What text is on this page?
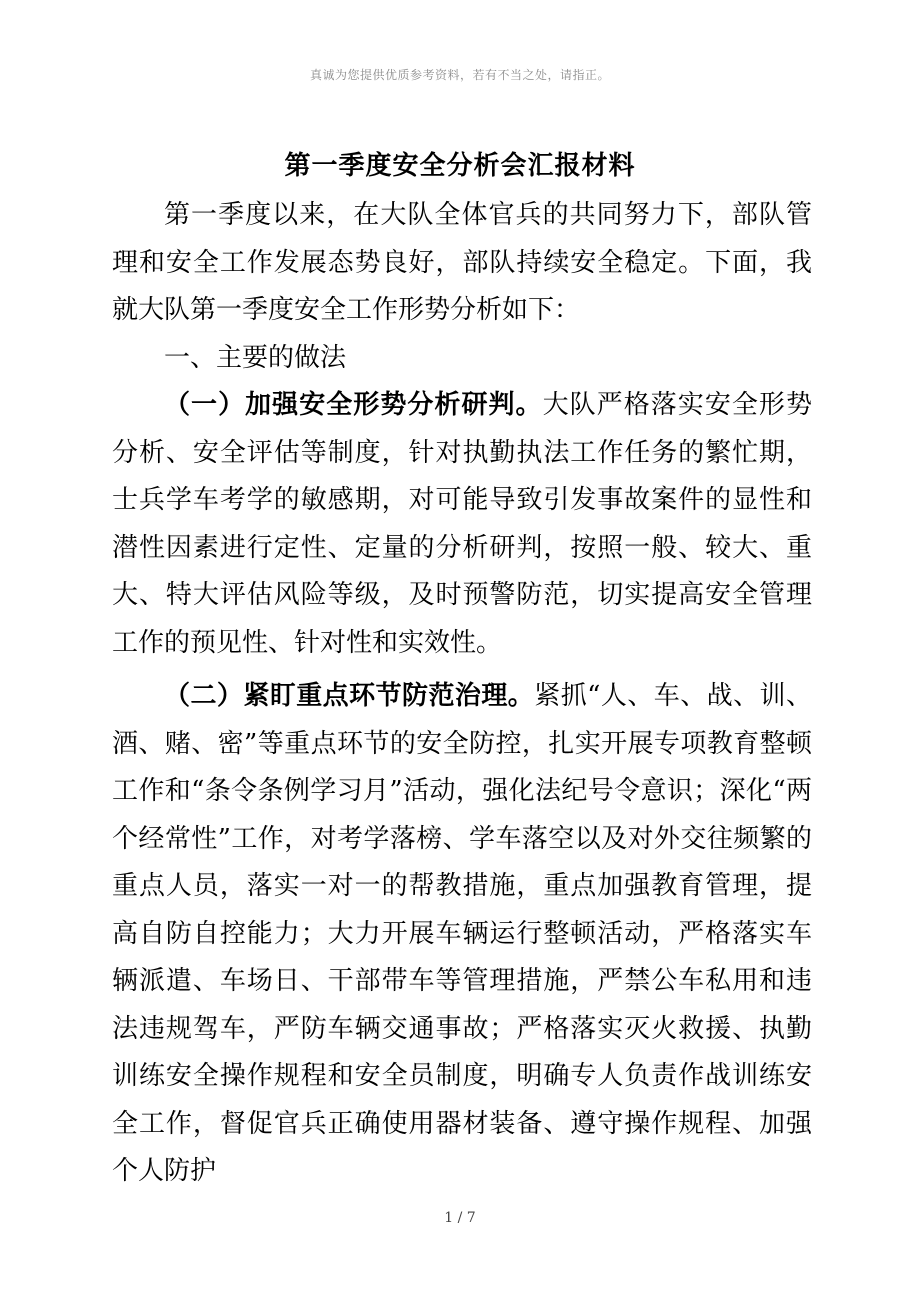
真诚为您提供优质参考资料，若有不当之处，请指正。
第一季度安全分析会汇报材料

第一季度以来，在大队全体官兵的共同努力下，部队管理和安全工作发展态势良好，部队持续安全稳定。下面，我就大队第一季度安全工作形势分析如下：

一、主要的做法

（一）加强安全形势分析研判。大队严格落实安全形势分析、安全评估等制度，针对执勤执法工作任务的繁忙期，士兵学车考学的敏感期，对可能导致引发事故案件的显性和潜性因素进行定性、定量的分析研判，按照一般、较大、重大、特大评估风险等级，及时预警防范，切实提高安全管理工作的预见性、针对性和实效性。

（二）紧盯重点环节防范治理。紧抓“人、车、战、训、酒、赌、密”等重点环节的安全防控，扎实开展专项教育整顿工作和“条令条例学习月”活动，强化法纪号令意识；深化“两个经常性”工作，对考学落榜、学车落空以及对外交往频繁的重点人员，落实一对一的帮教措施，重点加强教育管理，提高自防自控能力；大力开展车辆运行整顿活动，严格落实车辆派遣、车场日、干部带车等管理措施，严禁公车私用和违法违规驾车，严防车辆交通事故；严格落实灭火救援、执勤训练安全操作规程和安全员制度，明确专人负责作战训练安全工作，督促官兵正确使用器材装备、遵守操作规程、加强个人防护

1 / 7
